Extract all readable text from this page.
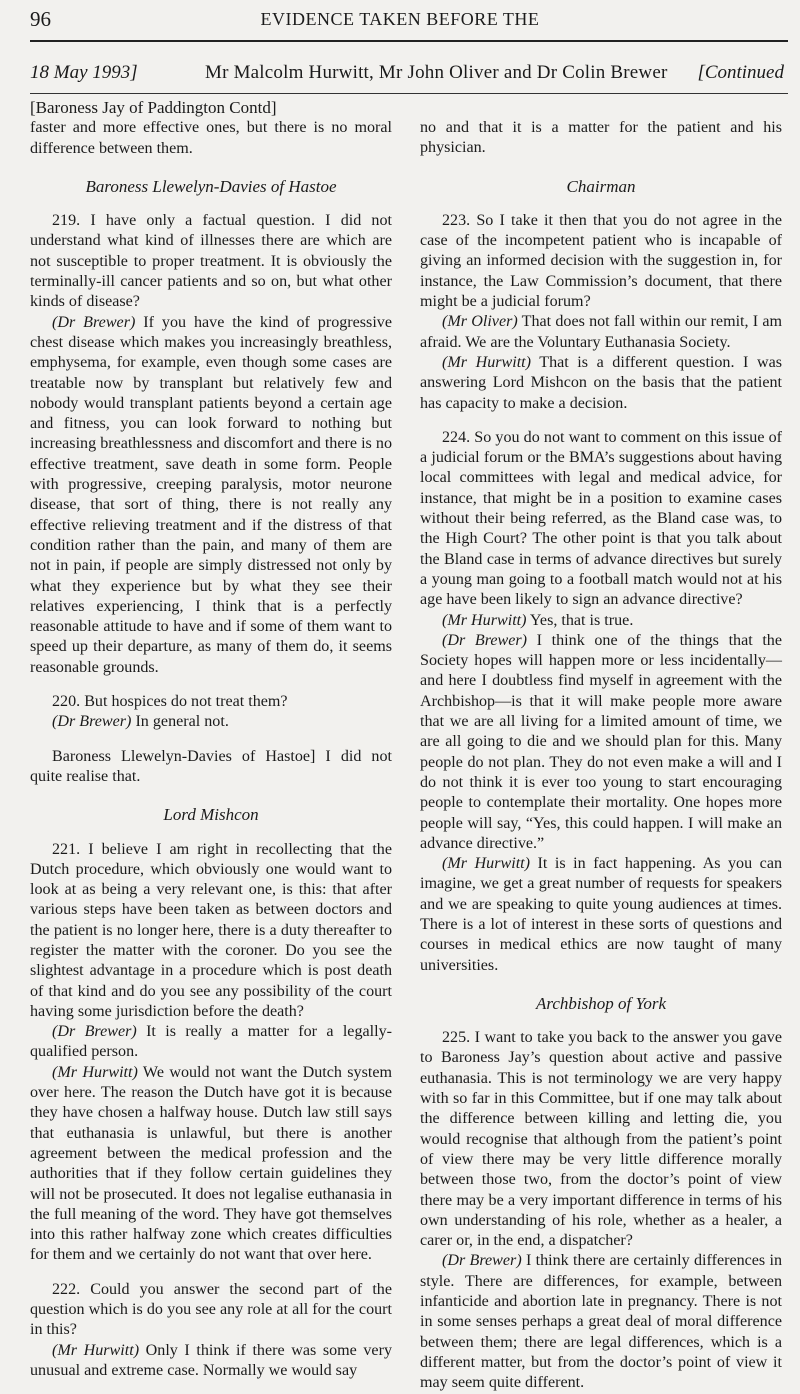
96	EVIDENCE TAKEN BEFORE THE
18 May 1993]	Mr Malcolm Hurwitt, Mr John Oliver and Dr Colin Brewer [Continued

[Baroness Jay of Paddington Contd]

faster and more effective ones, but there is no moral difference between them.

Baroness Llewelyn-Davies of Hastoe

219. I have only a factual question. I did not understand what kind of illnesses there are which are not susceptible to proper treatment. It is obviously the terminally-ill cancer patients and so on, but what other kinds of disease?

(Dr Brewer) If you have the kind of progressive chest disease which makes you increasingly breathless, emphysema, for example, even though some cases are treatable now by transplant but relatively few and nobody would transplant patients beyond a certain age and fitness, you can look forward to nothing but increasing breathlessness and discomfort and there is no effective treatment, save death in some form. People with progressive, creeping paralysis, motor neurone disease, that sort of thing, there is not really any effective relieving treatment and if the distress of that condition rather than the pain, and many of them are not in pain, if people are simply distressed not only by what they experience but by what they see their relatives experiencing, I think that is a perfectly reasonable attitude to have and if some of them want to speed up their departure, as many of them do, it seems reasonable grounds.

220. But hospices do not treat them?

(Dr Brewer) In general not.

Baroness Llewelyn-Davies of Hastoe] I did not quite realise that.

Lord Mishcon

221. I believe I am right in recollecting that the Dutch procedure, which obviously one would want to look at as being a very relevant one, is this: that after various steps have been taken as between doctors and the patient is no longer here, there is a duty thereafter to register the matter with the coroner. Do you see the slightest advantage in a procedure which is post death of that kind and do you see any possibility of the court having some jurisdiction before the death?

(Dr Brewer) It is really a matter for a legally-qualified person.

(Mr Hurwitt) We would not want the Dutch system over here. The reason the Dutch have got it is because they have chosen a halfway house. Dutch law still says that euthanasia is unlawful, but there is another agreement between the medical profession and the authorities that if they follow certain guidelines they will not be prosecuted. It does not legalise euthanasia in the full meaning of the word. They have got themselves into this rather halfway zone which creates difficulties for them and we certainly do not want that over here.

222. Could you answer the second part of the question which is do you see any role at all for the court in this?

(Mr Hurwitt) Only I think if there was some very unusual and extreme case. Normally we would say

no and that it is a matter for the patient and his physician.

Chairman

223. So I take it then that you do not agree in the case of the incompetent patient who is incapable of giving an informed decision with the suggestion in, for instance, the Law Commission’s document, that there might be a judicial forum?

(Mr Oliver) That does not fall within our remit, I am afraid. We are the Voluntary Euthanasia Society.

(Mr Hurwitt) That is a different question. I was answering Lord Mishcon on the basis that the patient has capacity to make a decision.

224. So you do not want to comment on this issue of a judicial forum or the BMA’s suggestions about having local committees with legal and medical advice, for instance, that might be in a position to examine cases without their being referred, as the Bland case was, to the High Court? The other point is that you talk about the Bland case in terms of advance directives but surely a young man going to a football match would not at his age have been likely to sign an advance directive?

(Mr Hurwitt) Yes, that is true.

(Dr Brewer) I think one of the things that the Society hopes will happen more or less incidentally—and here I doubtless find myself in agreement with the Archbishop—is that it will make people more aware that we are all living for a limited amount of time, we are all going to die and we should plan for this. Many people do not plan. They do not even make a will and I do not think it is ever too young to start encouraging people to contemplate their mortality. One hopes more people will say, “Yes, this could happen. I will make an advance directive.”

(Mr Hurwitt) It is in fact happening. As you can imagine, we get a great number of requests for speakers and we are speaking to quite young audiences at times. There is a lot of interest in these sorts of questions and courses in medical ethics are now taught of many universities.

Archbishop of York

225. I want to take you back to the answer you gave to Baroness Jay’s question about active and passive euthanasia. This is not terminology we are very happy with so far in this Committee, but if one may talk about the difference between killing and letting die, you would recognise that although from the patient’s point of view there may be very little difference morally between those two, from the doctor’s point of view there may be a very important difference in terms of his own understanding of his role, whether as a healer, a carer or, in the end, a dispatcher?

(Dr Brewer) I think there are certainly differences in style. There are differences, for example, between infanticide and abortion late in pregnancy. There is not in some senses perhaps a great deal of moral difference between them; there are legal differences, which is a different matter, but from the doctor’s point of view it may seem quite different.
